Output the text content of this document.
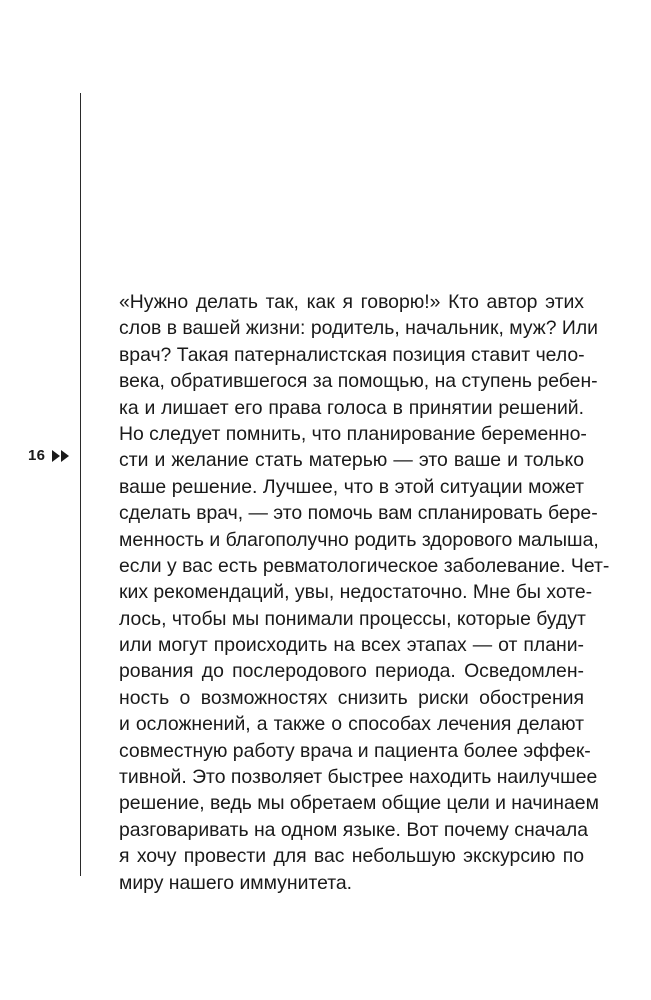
16
«Нужно делать так, как я говорю!» Кто автор этих
слов в вашей жизни: родитель, начальник, муж? Или
врач? Такая патерналистская позиция ставит чело-
века, обратившегося за помощью, на ступень ребен-
ка и лишает его права голоса в принятии решений.
Но следует помнить, что планирование беременно-
сти и желание стать матерью — это ваше и только
ваше решение. Лучшее, что в этой ситуации может
сделать врач, — это помочь вам спланировать бере-
менность и благополучно родить здорового малыша,
если у вас есть ревматологическое заболевание. Чет-
ких рекомендаций, увы, недостаточно. Мне бы хоте-
лось, чтобы мы понимали процессы, которые будут
или могут происходить на всех этапах — от плани-
рования до послеродового периода. Осведомлен-
ность о возможностях снизить риски обострения
и осложнений, а также о способах лечения делают
совместную работу врача и пациента более эффек-
тивной. Это позволяет быстрее находить наилучшее
решение, ведь мы обретаем общие цели и начинаем
разговаривать на одном языке. Вот почему сначала
я хочу провести для вас небольшую экскурсию по
миру нашего иммунитета.
